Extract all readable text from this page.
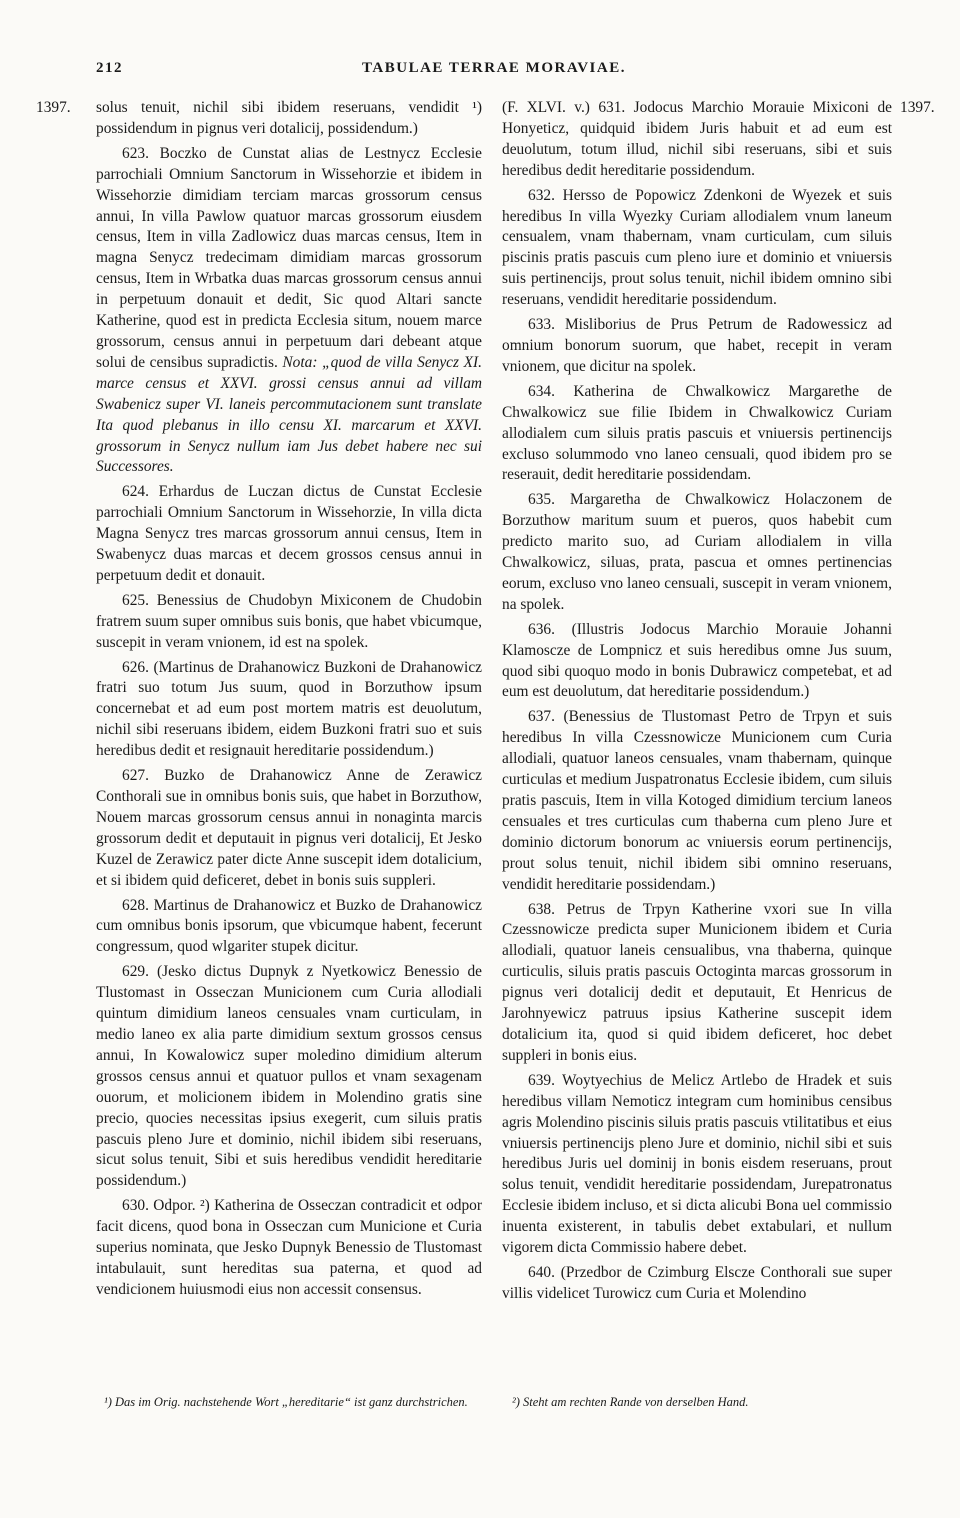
212	TABULAE TERRAE MORAVIAE.
1397.	1397.

solus tenuit, nichil sibi ibidem reseruans, vendidit ¹) possidendum in pignus veri dotalicij, possidendum.)

623. Boczko de Cunstat alias de Lestnycz Ecclesie parrochiali Omnium Sanctorum in Wissehorzie et ibidem in Wissehorzie dimidiam terciam marcas grossorum census annui, In villa Pawlow quatuor marcas grossorum eiusdem census, Item in villa Zadlowicz duas marcas census, Item in magna Senycz tredecimam dimidiam marcas grossorum census, Item in Wrbatka duas marcas grossorum census annui in perpetuum donauit et dedit, Sic quod Altari sancte Katherine, quod est in predicta Ecclesia situm, nouem marce grossorum, census annui in perpetuum dari debeant atque solui de censibus supradictis. Nota: „quod de villa Senycz XI. marce census et XXVI. grossi census annui ad villam Swabenicz super VI. laneis percommutacionem sunt translate Ita quod plebanus in illo censu XI. marcarum et XXVI. grossorum in Senycz nullum iam Jus debet habere nec sui Successores.

624. Erhardus de Luczan dictus de Cunstat Ecclesie parrochiali Omnium Sanctorum in Wissehorzie, In villa dicta Magna Senycz tres marcas grossorum annui census, Item in Swabenycz duas marcas et decem grossos census annui in perpetuum dedit et donauit.

625. Benessius de Chudobyn Mixiconem de Chudobin fratrem suum super omnibus suis bonis, que habet vbicumque, suscepit in veram vnionem, id est na spolek.

626. (Martinus de Drahanowicz Buzkoni de Drahanowicz fratri suo totum Jus suum, quod in Borzuthow ipsum concernebat et ad eum post mortem matris est deuolutum, nichil sibi reseruans ibidem, eidem Buzkoni fratri suo et suis heredibus dedit et resignauit hereditarie possidendum.)

627. Buzko de Drahanowicz Anne de Zerawicz Conthorali sue in omnibus bonis suis, que habet in Borzuthow, Nouem marcas grossorum census annui in nonaginta marcis grossorum dedit et deputauit in pignus veri dotalicij, Et Jesko Kuzel de Zerawicz pater dicte Anne suscepit idem dotalicium, et si ibidem quid deficeret, debet in bonis suis suppleri.

628. Martinus de Drahanowicz et Buzko de Drahanowicz cum omnibus bonis ipsorum, que vbicumque habent, fecerunt congressum, quod wlgariter stupek dicitur.

629. (Jesko dictus Dupnyk z Nyetkowicz Benessio de Tlustomast in Osseczan Municionem cum Curia allodiali quintum dimidium laneos censuales vnam curticulam, in medio laneo ex alia parte dimidium sextum grossos census annui, In Kowalowicz super moledino dimidium alterum grossos census annui et quatuor pullos et vnam sexagenam ouorum, et molicionem ibidem in Molendino gratis sine precio, quocies necessitas ipsius exegerit, cum siluis pratis pascuis pleno Jure et dominio, nichil ibidem sibi reseruans, sicut solus tenuit, Sibi et suis heredibus vendidit hereditarie possidendum.)

630. Odpor. ²) Katherina de Osseczan contradicit et odpor facit dicens, quod bona in Osseczan cum Municione et Curia superius nominata, que Jesko Dupnyk Benessio de Tlustomast intabulauit, sunt hereditas sua paterna, et quod ad vendicionem huiusmodi eius non accessit consensus.

(F. XLVI. v.) 631. Jodocus Marchio Morauie Mixiconi de Honyeticz, quidquid ibidem Juris habuit et ad eum est deuolutum, totum illud, nichil sibi reseruans, sibi et suis heredibus dedit hereditarie possidendum.

632. Hersso de Popowicz Zdenkoni de Wyezek et suis heredibus In villa Wyezky Curiam allodialem vnum laneum censualem, vnam thabernam, vnam curticulam, cum siluis piscinis pratis pascuis cum pleno iure et dominio et vniuersis suis pertinencijs, prout solus tenuit, nichil ibidem omnino sibi reseruans, vendidit hereditarie possidendum.

633. Misliborius de Prus Petrum de Radowessicz ad omnium bonorum suorum, que habet, recepit in veram vnionem, que dicitur na spolek.

634. Katherina de Chwalkowicz Margarethe de Chwalkowicz sue filie Ibidem in Chwalkowicz Curiam allodialem cum siluis pratis pascuis et vniuersis pertinencijs excluso solummodo vno laneo censuali, quod ibidem pro se reserauit, dedit hereditarie possidendam.

635. Margaretha de Chwalkowicz Holaczonem de Borzuthow maritum suum et pueros, quos habebit cum predicto marito suo, ad Curiam allodialem in villa Chwalkowicz, siluas, prata, pascua et omnes pertinencias eorum, excluso vno laneo censuali, suscepit in veram vnionem, na spolek.

636. (Illustris Jodocus Marchio Morauie Johanni Klamoscze de Lompnicz et suis heredibus omne Jus suum, quod sibi quoquo modo in bonis Dubrawicz competebat, et ad eum est deuolutum, dat hereditarie possidendum.)

637. (Benessius de Tlustomast Petro de Trpyn et suis heredibus In villa Czessnowicze Municionem cum Curia allodiali, quatuor laneos censuales, vnam thabernam, quinque curticulas et medium Juspatronatus Ecclesie ibidem, cum siluis pratis pascuis, Item in villa Kotoged dimidium tercium laneos censuales et tres curticulas cum thaberna cum pleno Jure et dominio dictorum bonorum ac vniuersis eorum pertinencijs, prout solus tenuit, nichil ibidem sibi omnino reseruans, vendidit hereditarie possidendam.)

638. Petrus de Trpyn Katherine vxori sue In villa Czessnowicze predicta super Municionem ibidem et Curia allodiali, quatuor laneis censualibus, vna thaberna, quinque curticulis, siluis pratis pascuis Octoginta marcas grossorum in pignus veri dotalicij dedit et deputauit, Et Henricus de Jarohnyewicz patruus ipsius Katherine suscepit idem dotalicium ita, quod si quid ibidem deficeret, hoc debet suppleri in bonis eius.

639. Woytyechius de Melicz Artlebo de Hradek et suis heredibus villam Nemoticz integram cum hominibus censibus agris Molendino piscinis siluis pratis pascuis vtilitatibus et eius vniuersis pertinencijs pleno Jure et dominio, nichil sibi et suis heredibus Juris uel dominij in bonis eisdem reseruans, prout solus tenuit, vendidit hereditarie possidendam, Jurepatronatus Ecclesie ibidem incluso, et si dicta alicubi Bona uel commissio inuenta existerent, in tabulis debet extabulari, et nullum vigorem dicta Commissio habere debet.

640. (Przedbor de Czimburg Elscze Conthorali sue super villis videlicet Turowicz cum Curia et Molendino

¹) Das im Orig. nachstehende Wort „hereditarie“ ist ganz durchstrichen.	²) Steht am rechten Rande von derselben Hand.
